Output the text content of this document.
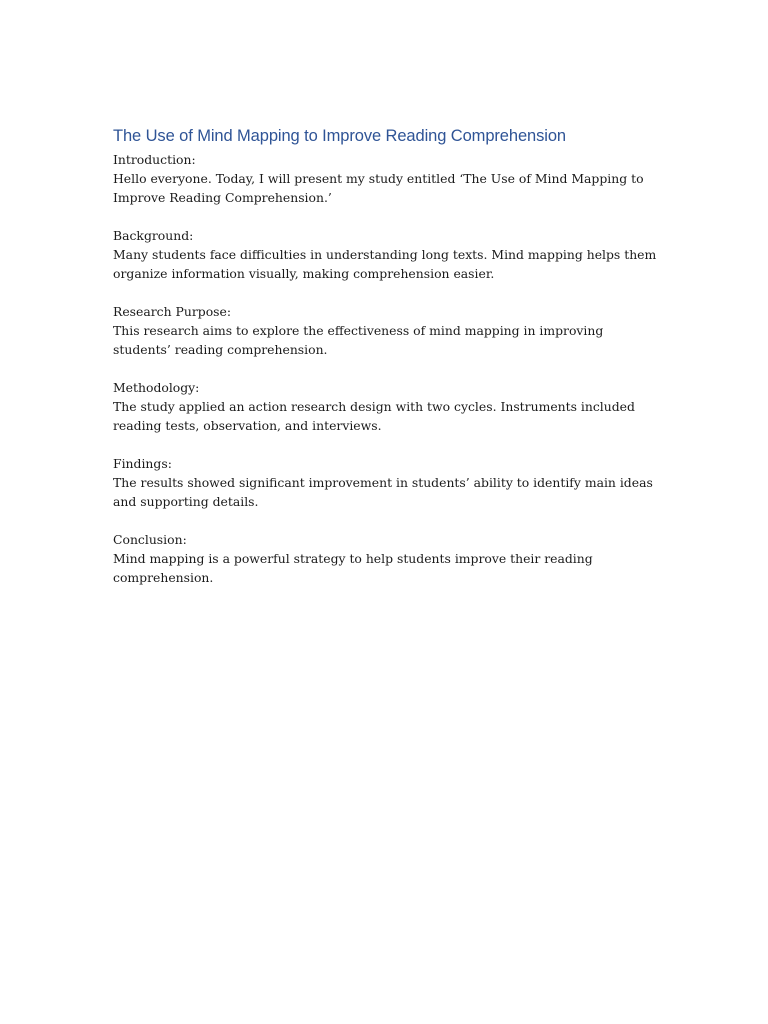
The Use of Mind Mapping to Improve Reading Comprehension

Introduction:

Hello everyone. Today, I will present my study entitled ‘The Use of Mind Mapping to Improve Reading Comprehension.’

Background:

Many students face difficulties in understanding long texts. Mind mapping helps them organize information visually, making comprehension easier.

Research Purpose:

This research aims to explore the effectiveness of mind mapping in improving students’ reading comprehension.

Methodology:

The study applied an action research design with two cycles. Instruments included reading tests, observation, and interviews.

Findings:

The results showed significant improvement in students’ ability to identify main ideas and supporting details.

Conclusion:

Mind mapping is a powerful strategy to help students improve their reading comprehension.
